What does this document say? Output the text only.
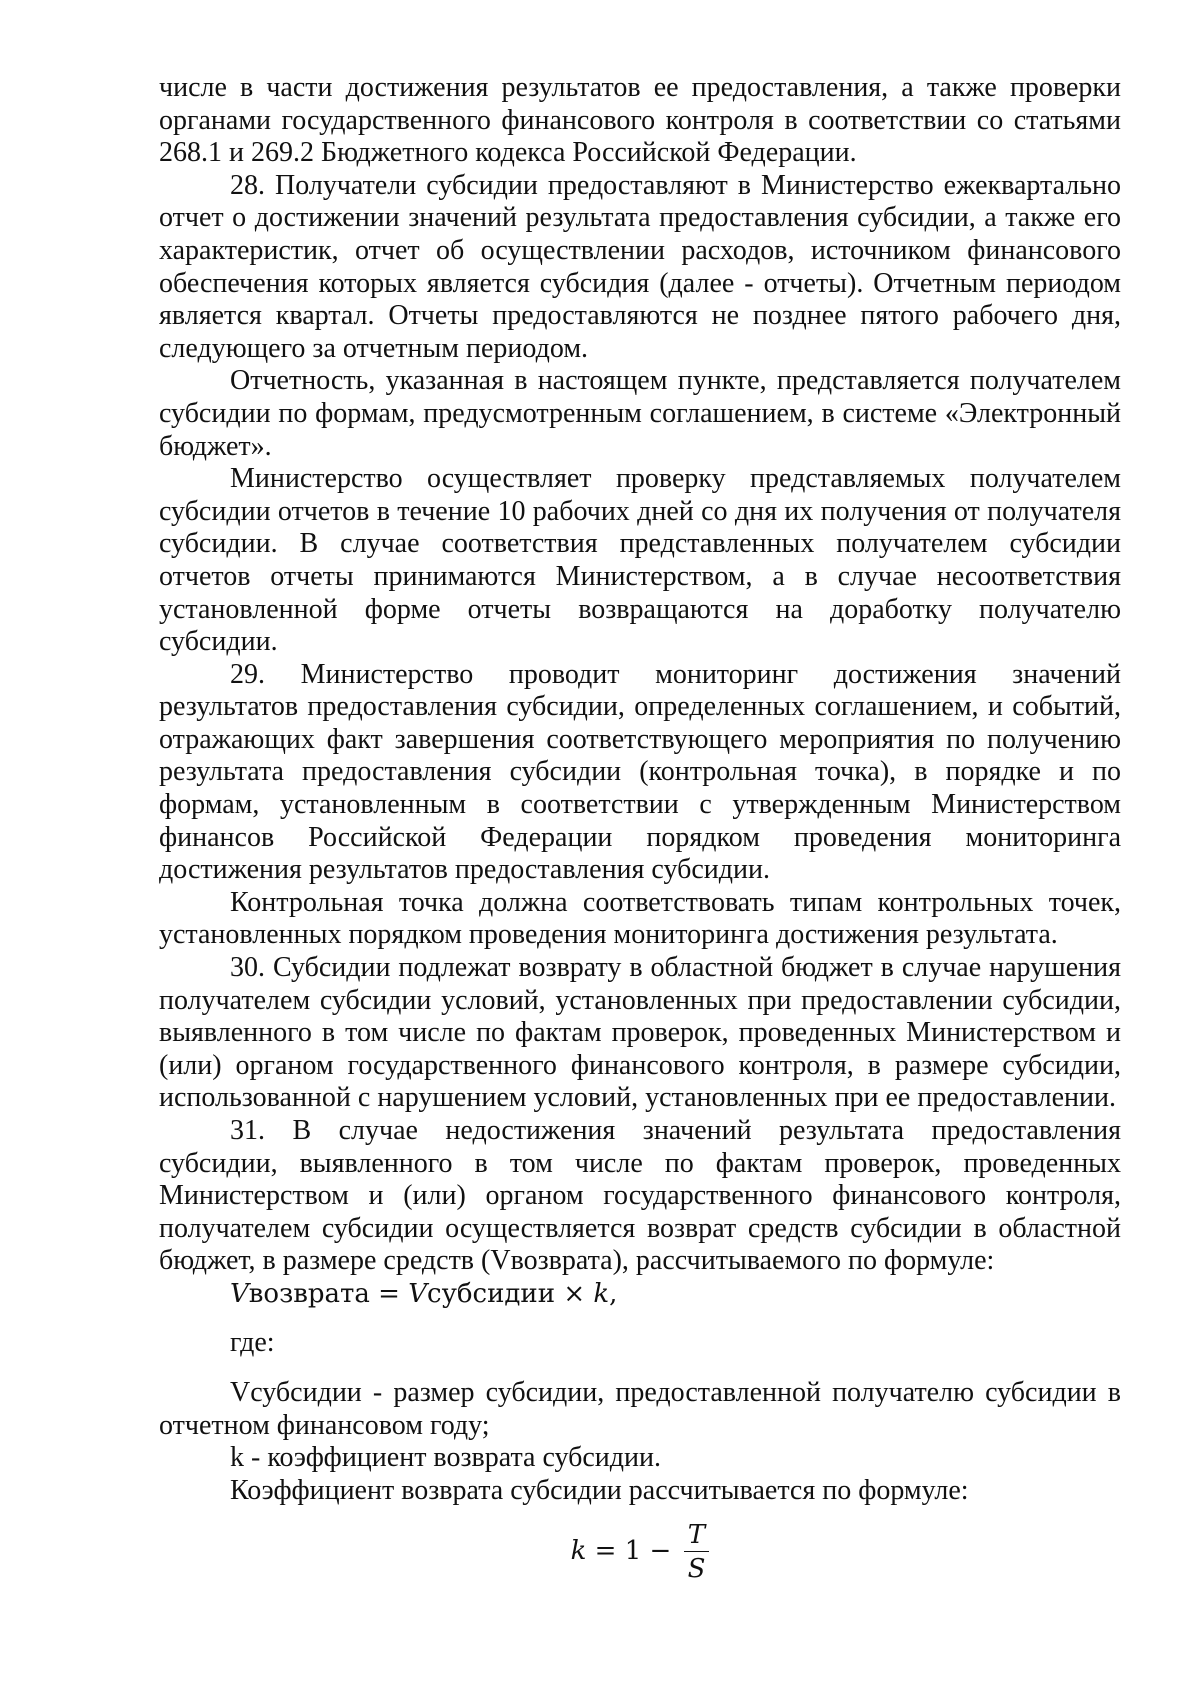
числе в части достижения результатов ее предоставления, а также проверки органами государственного финансового контроля в соответствии со статьями 268.1 и 269.2 Бюджетного кодекса Российской Федерации.

28. Получатели субсидии предоставляют в Министерство ежеквартально отчет о достижении значений результата предоставления субсидии, а также его характеристик, отчет об осуществлении расходов, источником финансового обеспечения которых является субсидия (далее - отчеты). Отчетным периодом является квартал. Отчеты предоставляются не позднее пятого рабочего дня, следующего за отчетным периодом.

Отчетность, указанная в настоящем пункте, представляется получателем субсидии по формам, предусмотренным соглашением, в системе «Электронный бюджет».

Министерство осуществляет проверку представляемых получателем субсидии отчетов в течение 10 рабочих дней со дня их получения от получателя субсидии. В случае соответствия представленных получателем субсидии отчетов отчеты принимаются Министерством, а в случае несоответствия установленной форме отчеты возвращаются на доработку получателю субсидии.

29. Министерство проводит мониторинг достижения значений результатов предоставления субсидии, определенных соглашением, и событий, отражающих факт завершения соответствующего мероприятия по получению результата предоставления субсидии (контрольная точка), в порядке и по формам, установленным в соответствии с утвержденным Министерством финансов Российской Федерации порядком проведения мониторинга достижения результатов предоставления субсидии.

Контрольная точка должна соответствовать типам контрольных точек, установленных порядком проведения мониторинга достижения результата.

30. Субсидии подлежат возврату в областной бюджет в случае нарушения получателем субсидии условий, установленных при предоставлении субсидии, выявленного в том числе по фактам проверок, проведенных Министерством и (или) органом государственного финансового контроля, в размере субсидии, использованной с нарушением условий, установленных при ее предоставлении.

31. В случае недостижения значений результата предоставления субсидии, выявленного в том числе по фактам проверок, проведенных Министерством и (или) органом государственного финансового контроля, получателем субсидии осуществляется возврат средств субсидии в областной бюджет, в размере средств (Vвозврата), рассчитываемого по формуле:

Vвозврата = Vсубсидии × k,

где:

Vсубсидии - размер субсидии, предоставленной получателю субсидии в отчетном финансовом году;

k - коэффициент возврата субсидии.

Коэффициент возврата субсидии рассчитывается по формуле:

$k = 1 - \frac{T}{S}$
